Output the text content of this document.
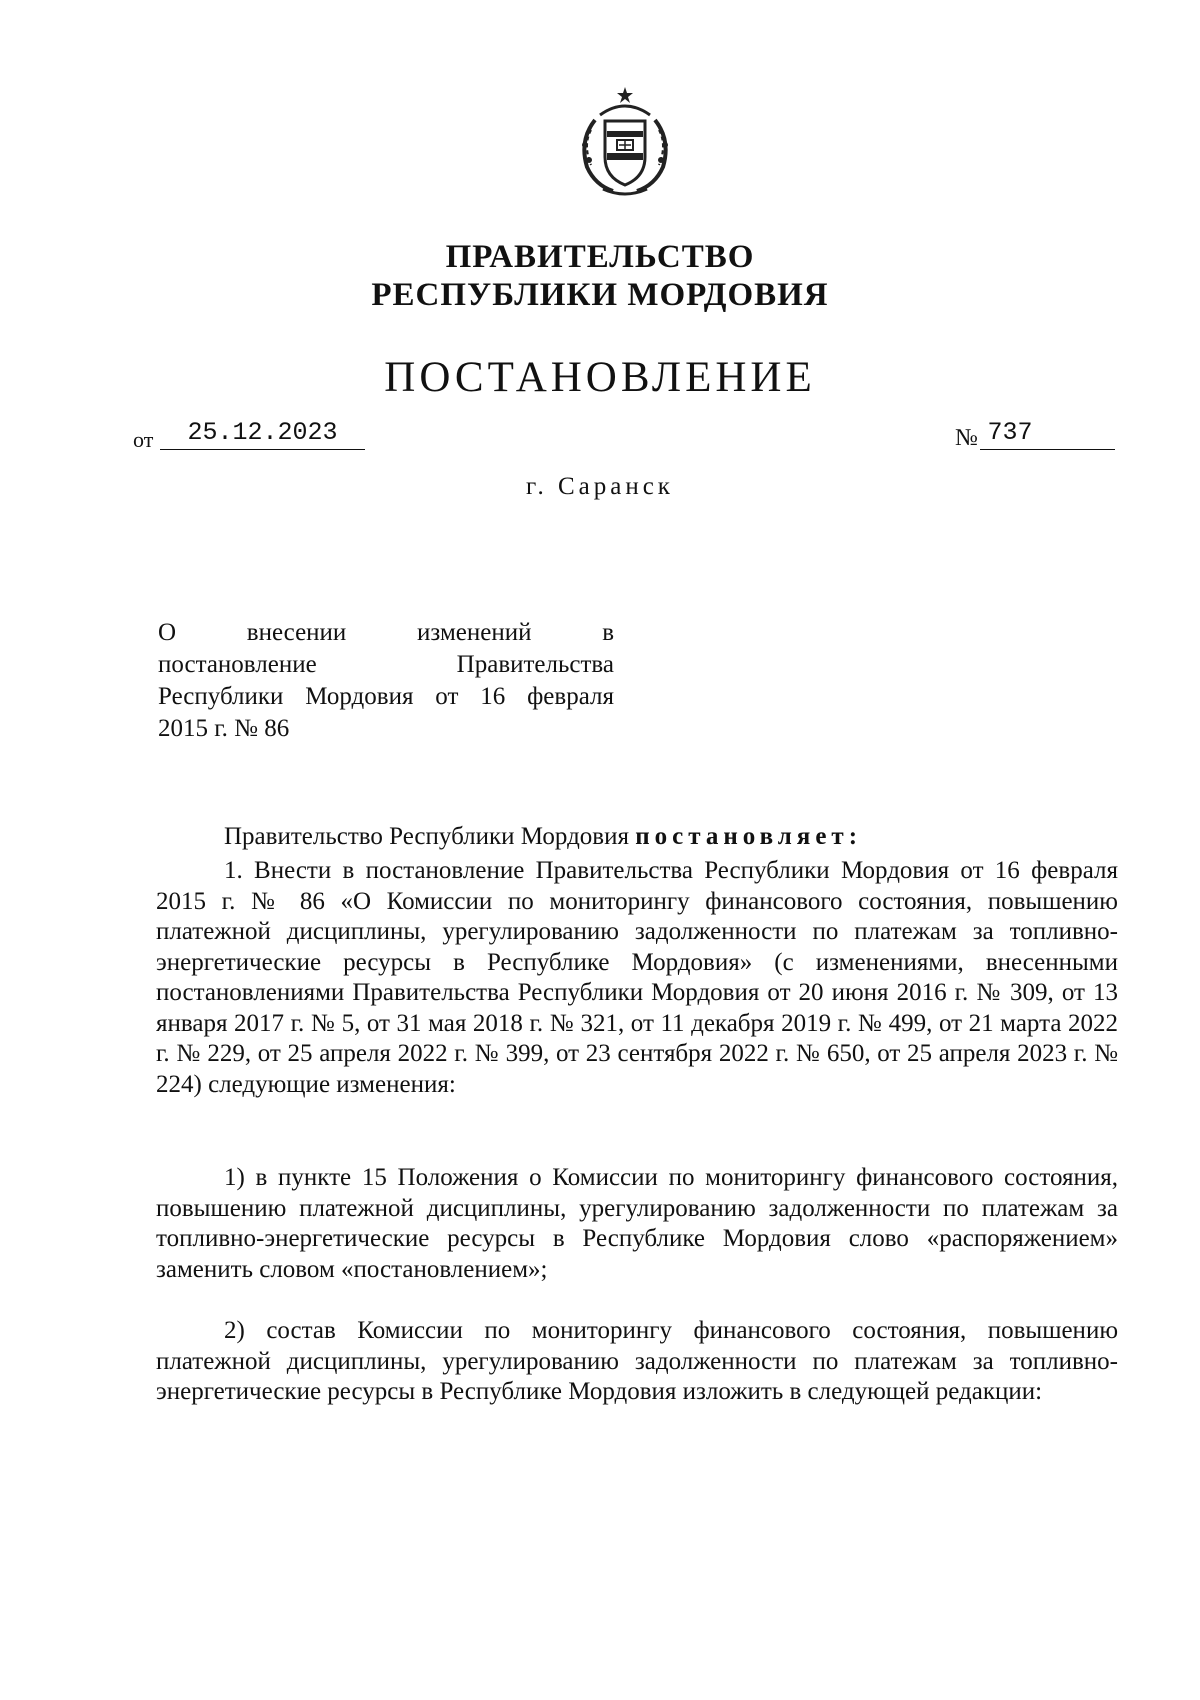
ПРАВИТЕЛЬСТВО
РЕСПУБЛИКИ МОРДОВИЯ
ПОСТАНОВЛЕНИЕ
от	25.12.2023	№ 737
г. Саранск
О внесении изменений в
постановление Правительства
Республики Мордовия от 16 февраля
2015 г. № 86
Правительство Республики Мордовия постановляет:
1. Внести в постановление Правительства Республики Мордовия от 16 февраля 2015 г. № 86 «О Комиссии по мониторингу финансового состояния, повышению платежной дисциплины, урегулированию задолженности по платежам за топливно-энергетические ресурсы в Республике Мордовия» (с изменениями, внесенными постановлениями Правительства Республики Мордовия от 20 июня 2016 г. № 309, от 13 января 2017 г. № 5, от 31 мая 2018 г. № 321, от 11 декабря 2019 г. № 499, от 21 марта 2022 г. № 229, от 25 апреля 2022 г. № 399, от 23 сентября 2022 г. № 650, от 25 апреля 2023 г. № 224) следующие изменения:
1) в пункте 15 Положения о Комиссии по мониторингу финансового состояния, повышению платежной дисциплины, урегулированию задолженности по платежам за топливно-энергетические ресурсы в Республике Мордовия слово «распоряжением» заменить словом «постановлением»;
2) состав Комиссии по мониторингу финансового состояния, повышению платежной дисциплины, урегулированию задолженности по платежам за топливно-энергетические ресурсы в Республике Мордовия изложить в следующей редакции:
